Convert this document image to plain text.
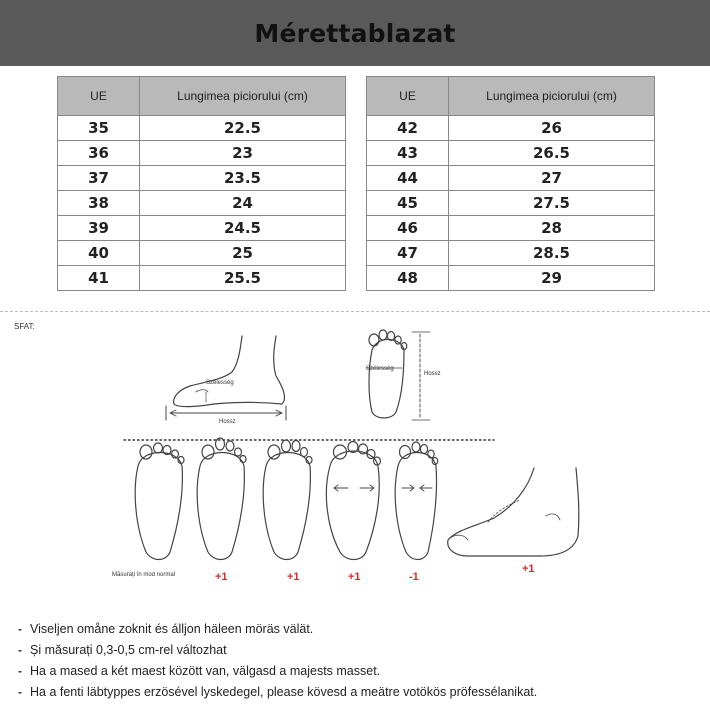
Mérettablazat
UE	Lungimea piciorului (cm)
35	22.5
36	23
37	23.5
38	24
39	24.5
40	25
41	25.5
UE	Lungimea piciorului (cm)
42	26
43	26.5
44	27
45	27.5
46	28
47	28.5
48	29
SFAT:
Szélesség
Hossz
Szélesség
Hossz
Măsurați în mod normal	+1	+1	+1	-1
+1
- Viseljen omåne zoknit és álljon häleen möräs välät.
- Și măsurați 0,3-0,5 cm-rel változhat
- Ha a mased a két maest között van, välgasd a majests masset.
- Ha a fenti läbtyppes erzösével lyskedegel, please kövesd a meätre votökös pröfessélanikat.
